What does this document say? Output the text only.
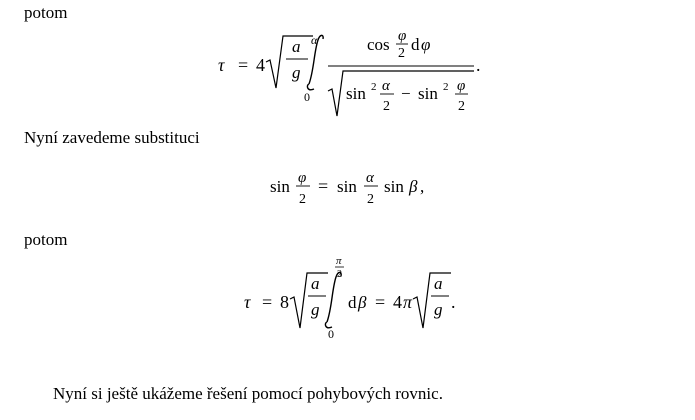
potom
τ = 4
a
g
α
0
cos φ
2 d φ
sin 2 α
2
− sin 2 φ
2
.
Nyní zavedeme substituci
sin φ
2
= sin α
2
sin β ,
potom
τ = 8
a
g
π
2
0
d β = 4 π
a
g .
Nyní si ještě ukážeme řešení pomocí pohybových rovnic.
